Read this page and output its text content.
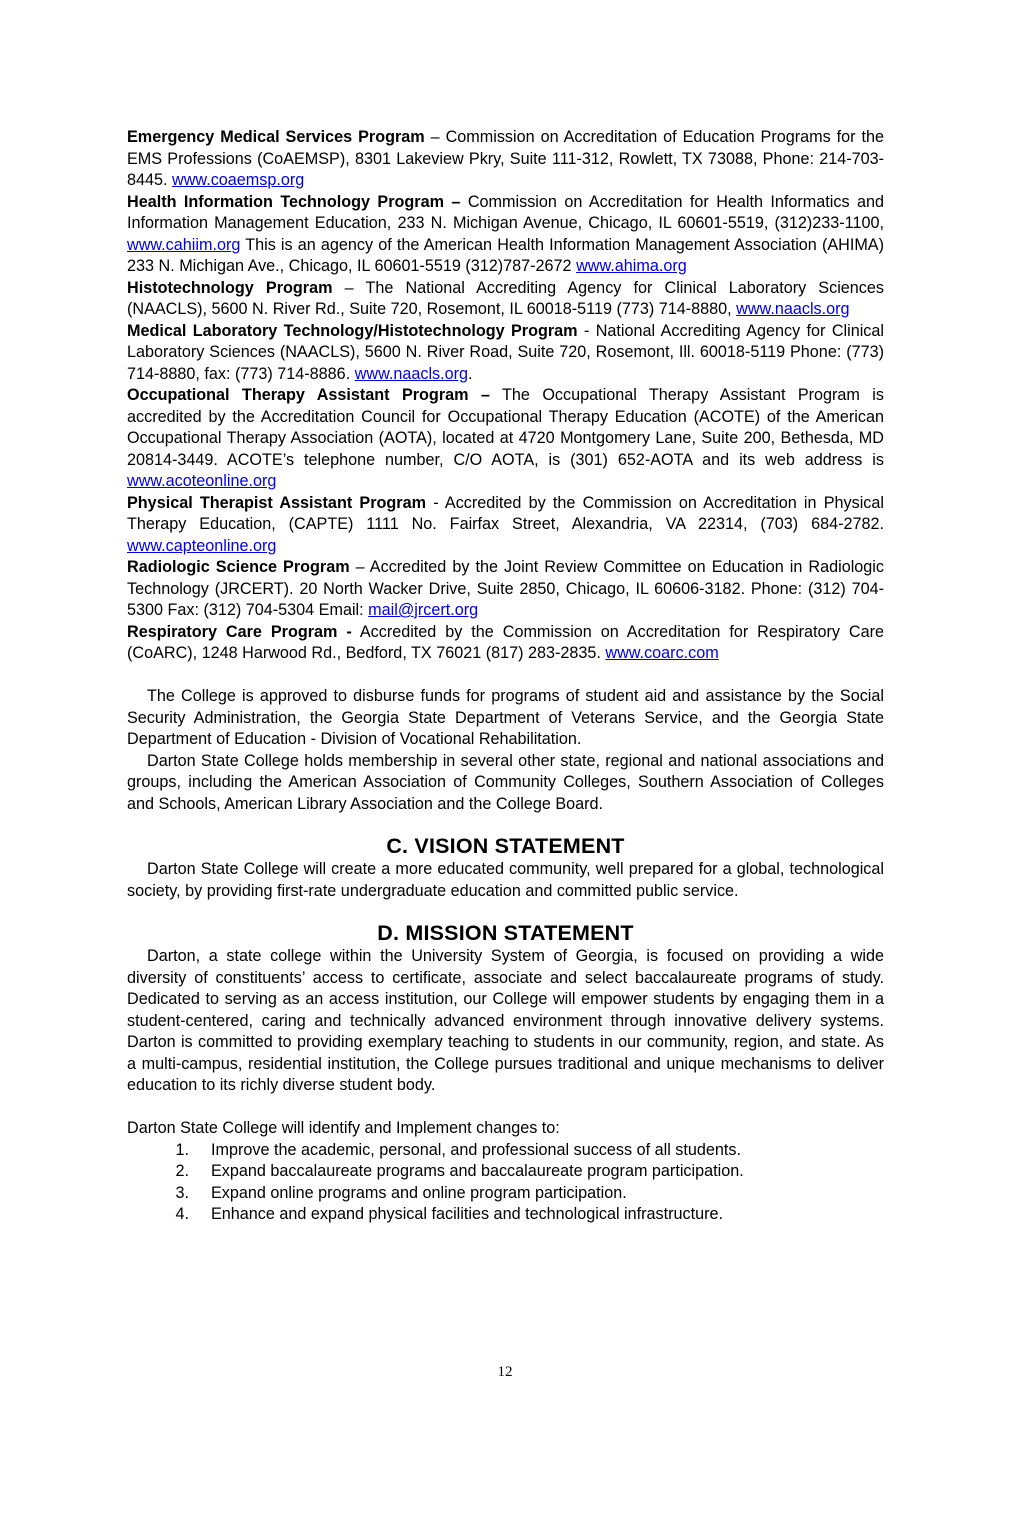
Emergency Medical Services Program – Commission on Accreditation of Education Programs for the EMS Professions (CoAEMSP), 8301 Lakeview Pkry, Suite 111-312, Rowlett, TX 73088, Phone: 214-703-8445. www.coaemsp.org

Health Information Technology Program – Commission on Accreditation for Health Informatics and Information Management Education, 233 N. Michigan Avenue, Chicago, IL 60601-5519, (312)233-1100, www.cahiim.org This is an agency of the American Health Information Management Association (AHIMA) 233 N. Michigan Ave., Chicago, IL 60601-5519 (312)787-2672 www.ahima.org

Histotechnology Program – The National Accrediting Agency for Clinical Laboratory Sciences (NAACLS), 5600 N. River Rd., Suite 720, Rosemont, IL 60018-5119 (773) 714-8880, www.naacls.org

Medical Laboratory Technology/Histotechnology Program - National Accrediting Agency for Clinical Laboratory Sciences (NAACLS), 5600 N. River Road, Suite 720, Rosemont, Ill. 60018-5119 Phone: (773) 714-8880, fax: (773) 714-8886. www.naacls.org.

Occupational Therapy Assistant Program – The Occupational Therapy Assistant Program is accredited by the Accreditation Council for Occupational Therapy Education (ACOTE) of the American Occupational Therapy Association (AOTA), located at 4720 Montgomery Lane, Suite 200, Bethesda, MD 20814-3449. ACOTE’s telephone number, C/O AOTA, is (301) 652-AOTA and its web address is www.acoteonline.org

Physical Therapist Assistant Program - Accredited by the Commission on Accreditation in Physical Therapy Education, (CAPTE) 1111 No. Fairfax Street, Alexandria, VA 22314, (703) 684-2782. www.capteonline.org

Radiologic Science Program – Accredited by the Joint Review Committee on Education in Radiologic Technology (JRCERT). 20 North Wacker Drive, Suite 2850, Chicago, IL 60606-3182. Phone: (312) 704-5300 Fax: (312) 704-5304 Email: mail@jrcert.org

Respiratory Care Program - Accredited by the Commission on Accreditation for Respiratory Care (CoARC), 1248 Harwood Rd., Bedford, TX 76021 (817) 283-2835. www.coarc.com

The College is approved to disburse funds for programs of student aid and assistance by the Social Security Administration, the Georgia State Department of Veterans Service, and the Georgia State Department of Education - Division of Vocational Rehabilitation.

Darton State College holds membership in several other state, regional and national associations and groups, including the American Association of Community Colleges, Southern Association of Colleges and Schools, American Library Association and the College Board.

C. VISION STATEMENT

Darton State College will create a more educated community, well prepared for a global, technological society, by providing first-rate undergraduate education and committed public service.

D. MISSION STATEMENT

Darton, a state college within the University System of Georgia, is focused on providing a wide diversity of constituents’ access to certificate, associate and select baccalaureate programs of study. Dedicated to serving as an access institution, our College will empower students by engaging them in a student-centered, caring and technically advanced environment through innovative delivery systems. Darton is committed to providing exemplary teaching to students in our community, region, and state. As a multi-campus, residential institution, the College pursues traditional and unique mechanisms to deliver education to its richly diverse student body.

Darton State College will identify and Implement changes to:

1.	Improve the academic, personal, and professional success of all students.
2.	Expand baccalaureate programs and baccalaureate program participation.
3.	Expand online programs and online program participation.
4.	Enhance and expand physical facilities and technological infrastructure.
12
